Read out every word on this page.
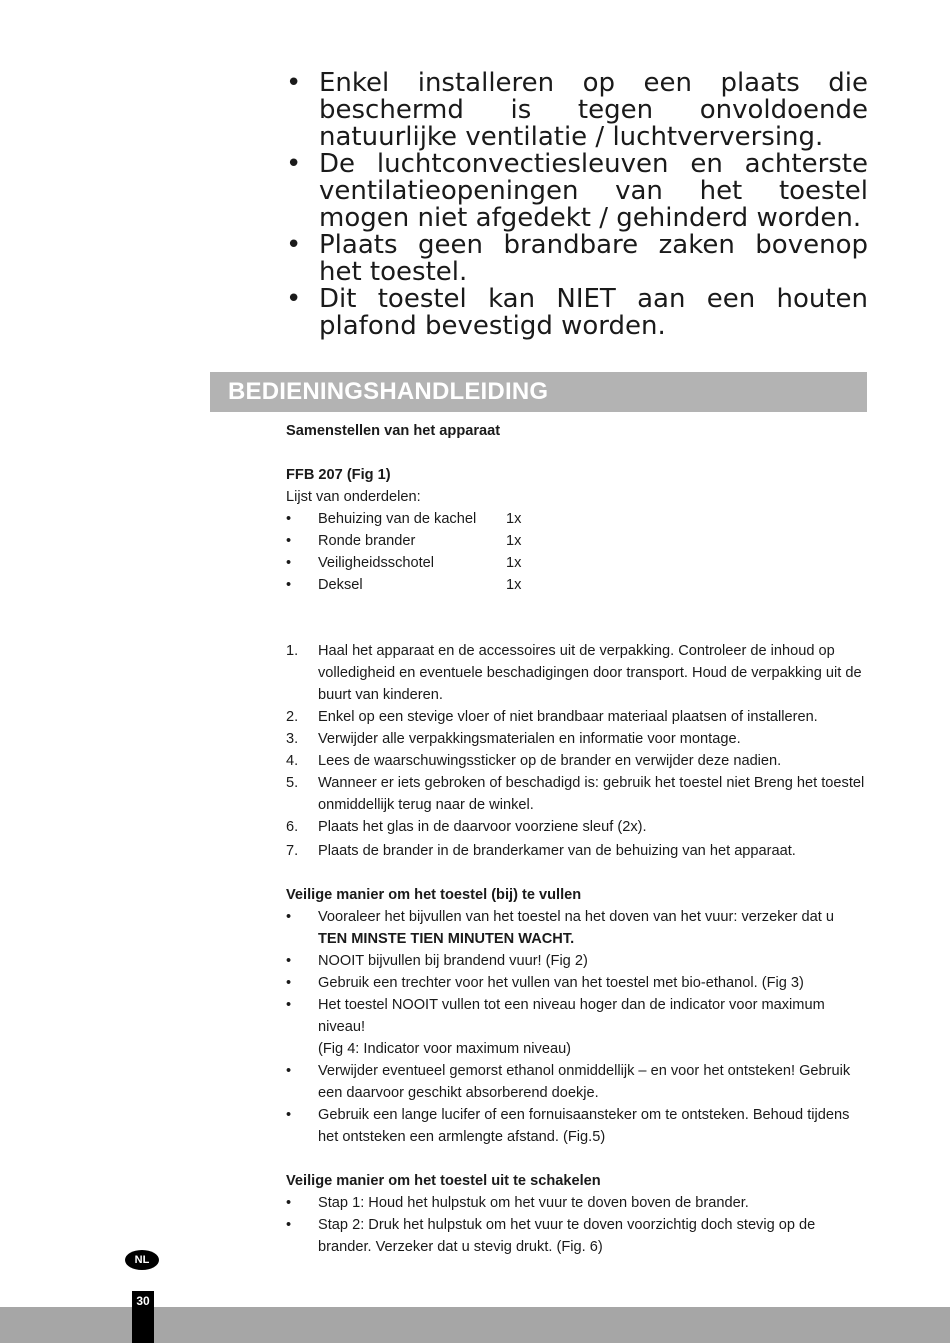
• Enkel installeren op een plaats die beschermd is tegen onvoldoende natuurlijke ventilatie / luchtverversing.
• De luchtconvectiesleuven en achterste ventilatieopeningen van het toestel mogen niet afgedekt / gehinderd worden.
• Plaats geen brandbare zaken bovenop het toestel.
• Dit toestel kan NIET aan een houten plafond bevestigd worden.
BEDIENINGSHANDLEIDING
Samenstellen van het apparaat
FFB 207 (Fig 1)
Lijst van onderdelen:
• Behuizing van de kachel 1x
• Ronde brander	1x
• Veiligheidsschotel	1x
• Deksel	1x
1. Haal het apparaat en de accessoires uit de verpakking. Controleer de inhoud op volledigheid en eventuele beschadigingen door transport. Houd de verpakking uit de buurt van kinderen.
2. Enkel op een stevige vloer of niet brandbaar materiaal plaatsen of installeren.
3. Verwijder alle verpakkingsmaterialen en informatie voor montage.
4. Lees de waarschuwingssticker op de brander en verwijder deze nadien.
5. Wanneer er iets gebroken of beschadigd is: gebruik het toestel niet Breng het toestel onmiddellijk terug naar de winkel.
6. Plaats het glas in de daarvoor voorziene sleuf (2x).
7. Plaats de brander in de branderkamer van de behuizing van het apparaat.
Veilige manier om het toestel (bij) te vullen
• Vooraleer het bijvullen van het toestel na het doven van het vuur: verzeker dat u TEN MINSTE TIEN MINUTEN WACHT.
• NOOIT bijvullen bij brandend vuur! (Fig 2)
• Gebruik een trechter voor het vullen van het toestel met bio-ethanol. (Fig 3)
• Het toestel NOOIT vullen tot een niveau hoger dan de indicator voor maximum niveau!
(Fig 4: Indicator voor maximum niveau)
• Verwijder eventueel gemorst ethanol onmiddellijk – en voor het ontsteken! Gebruik een daarvoor geschikt absorberend doekje.
• Gebruik een lange lucifer of een fornuisaansteker om te ontsteken. Behoud tijdens het ontsteken een armlengte afstand. (Fig.5)
Veilige manier om het toestel uit te schakelen
• Stap 1: Houd het hulpstuk om het vuur te doven boven de brander.
• Stap 2: Druk het hulpstuk om het vuur te doven voorzichtig doch stevig op de brander. Verzeker dat u stevig drukt. (Fig. 6)
NL
30
